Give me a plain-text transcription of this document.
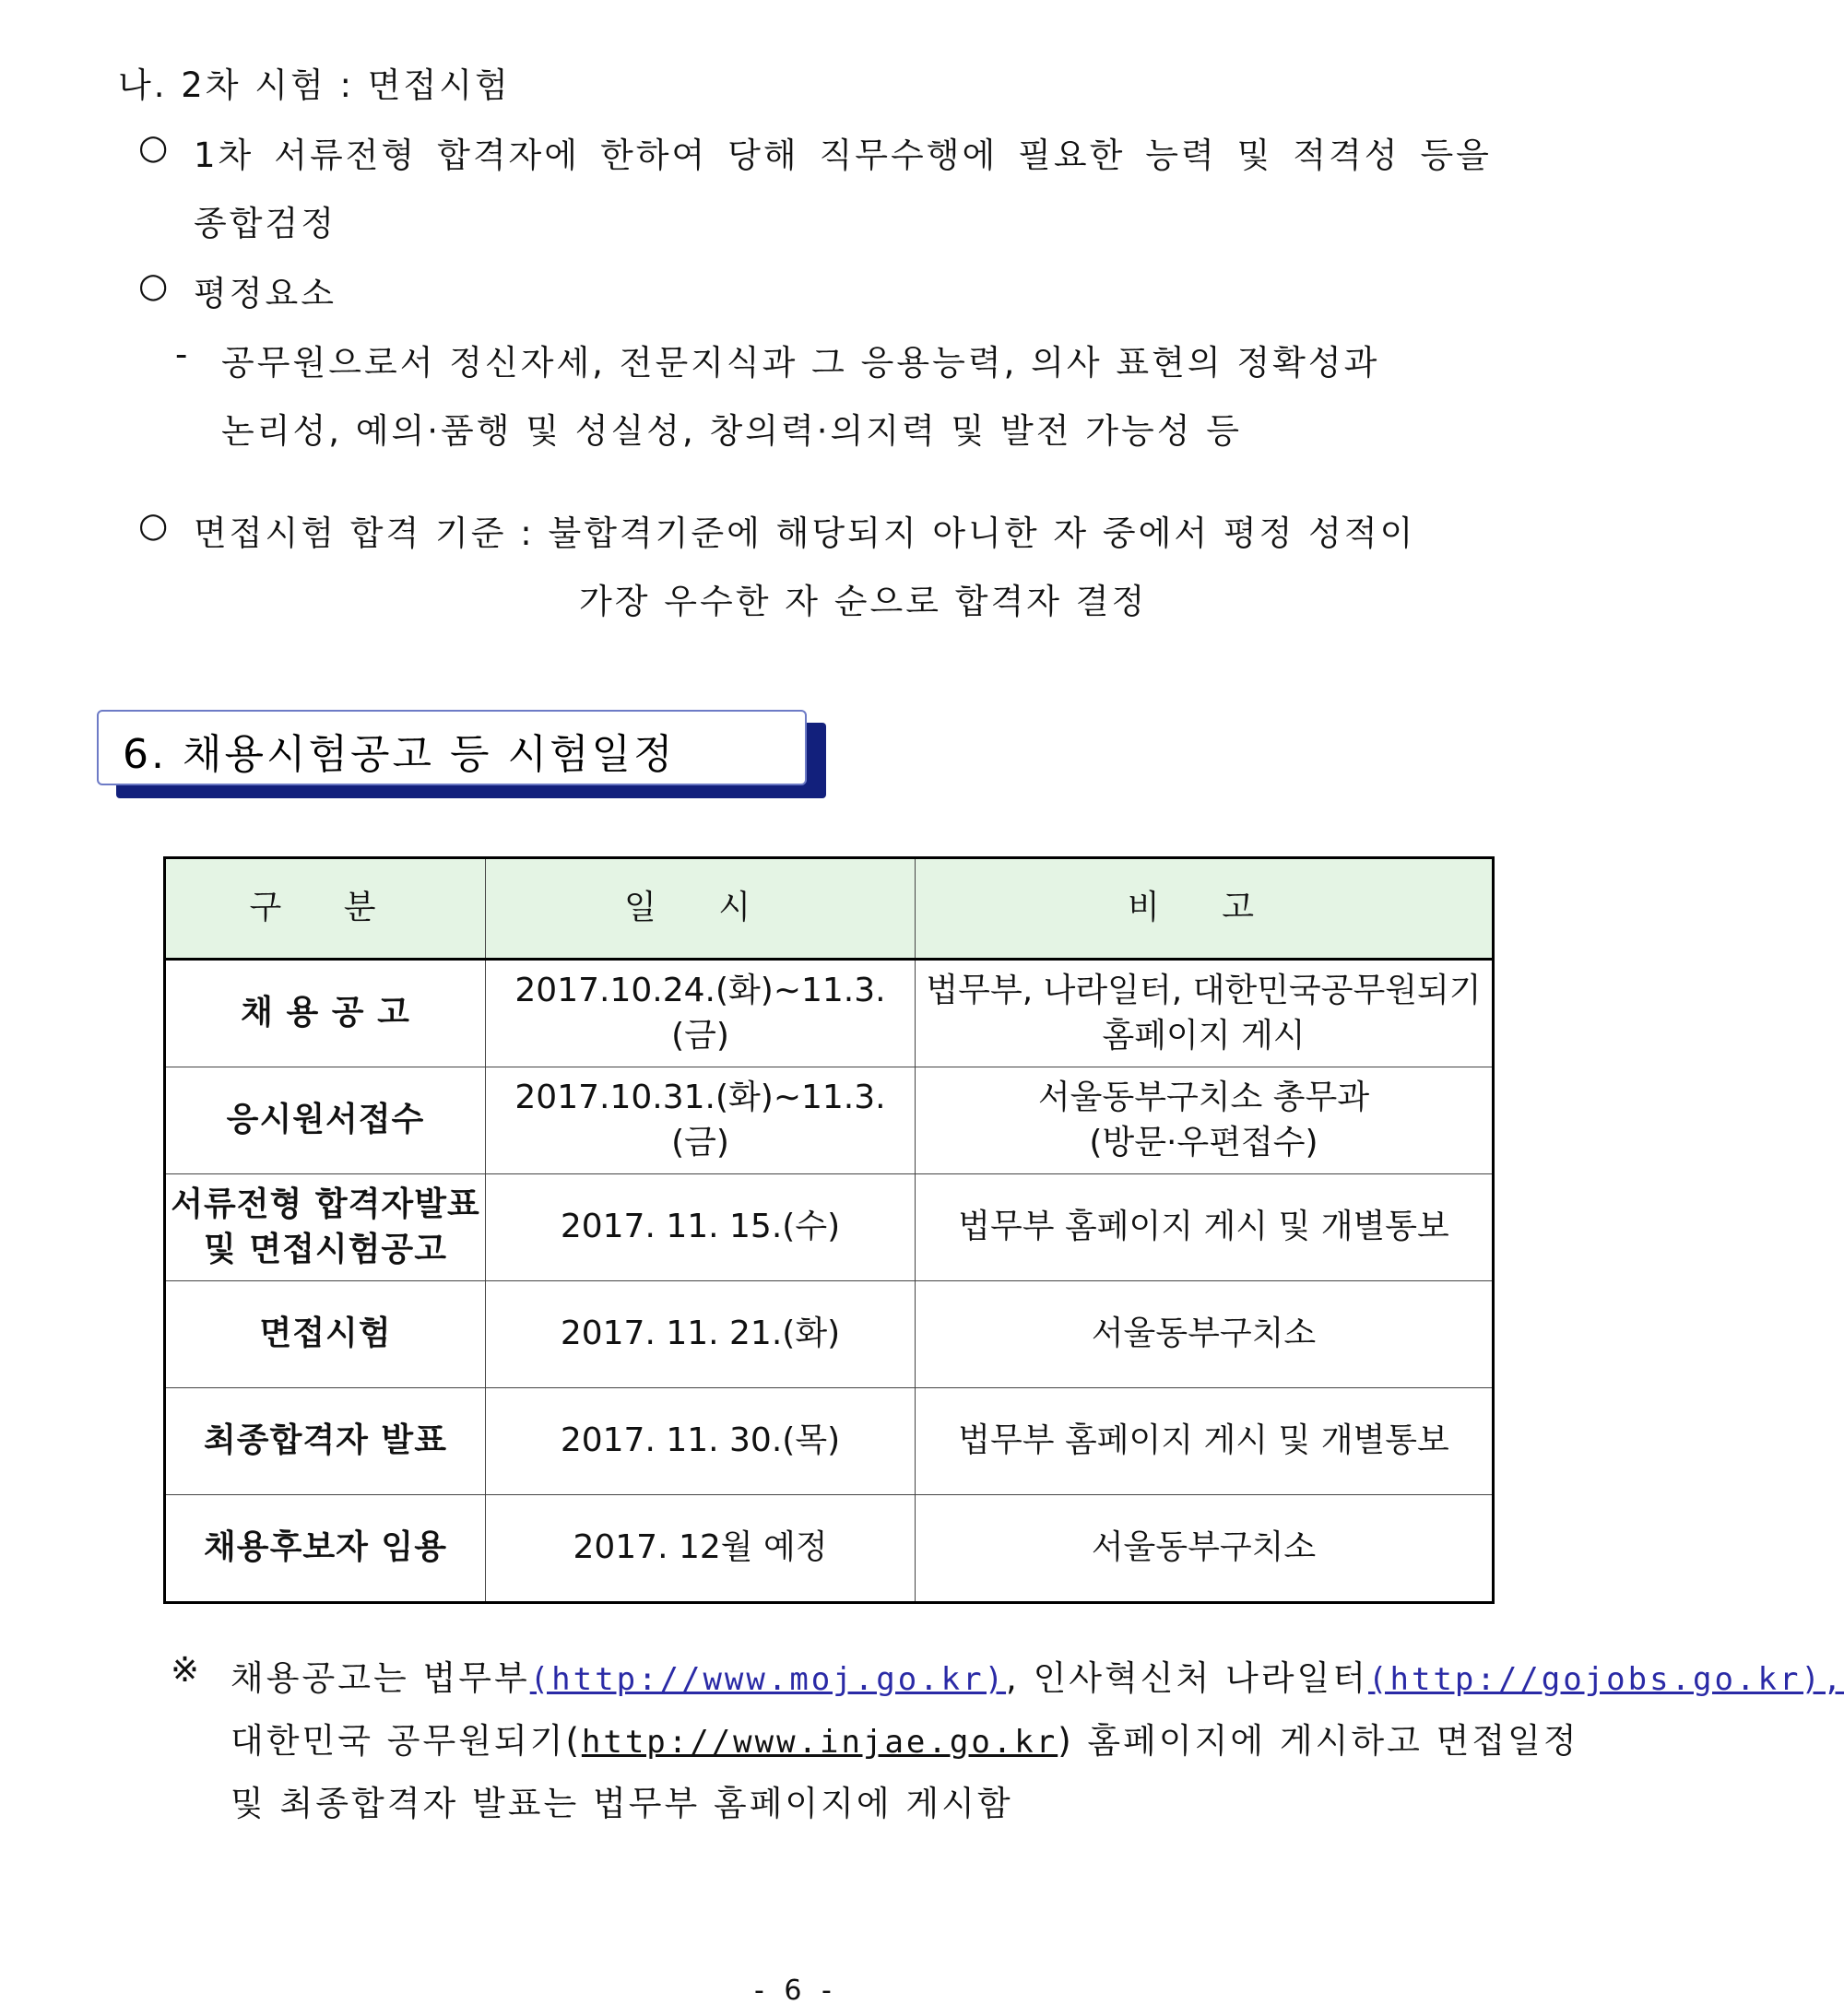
나. 2차 시험 : 면접시험
○ 1차 서류전형 합격자에 한하여 당해 직무수행에 필요한 능력 및 적격성 등을
종합검정
○ 평정요소
- 공무원으로서 정신자세, 전문지식과 그 응용능력, 의사 표현의 정확성과
논리성, 예의·품행 및 성실성, 창의력·의지력 및 발전 가능성 등
○ 면접시험 합격 기준 : 불합격기준에 해당되지 아니한 자 중에서 평정 성적이
가장 우수한 자 순으로 합격자 결정
6. 채용시험공고 등 시험일정
구 분	일 시	비 고
채 용 공 고	2017.10.24.(화)∼11.3.(금)	법무부, 나라일터, 대한민국공무원되기
홈페이지 게시

응시원서접수	2017.10.31.(화)∼11.3.(금)	서울동부구치소 총무과
(방문·우편접수)

서류전형 합격자발표
및 면접시험공고	2017. 11. 15.(수)	법무부 홈페이지 게시 및 개별통보
면접시험	2017. 11. 21.(화)	서울동부구치소
최종합격자 발표	2017. 11. 30.(목)	법무부 홈페이지 게시 및 개별통보
채용후보자 임용	2017. 12월 예정	서울동부구치소
※ 채용공고는 법무부(http://www.moj.go.kr), 인사혁신처 나라일터(http://gojobs.go.kr),
대한민국 공무원되기(http://www.injae.go.kr) 홈페이지에 게시하고 면접일정
및 최종합격자 발표는 법무부 홈페이지에 게시함
- 6 -
